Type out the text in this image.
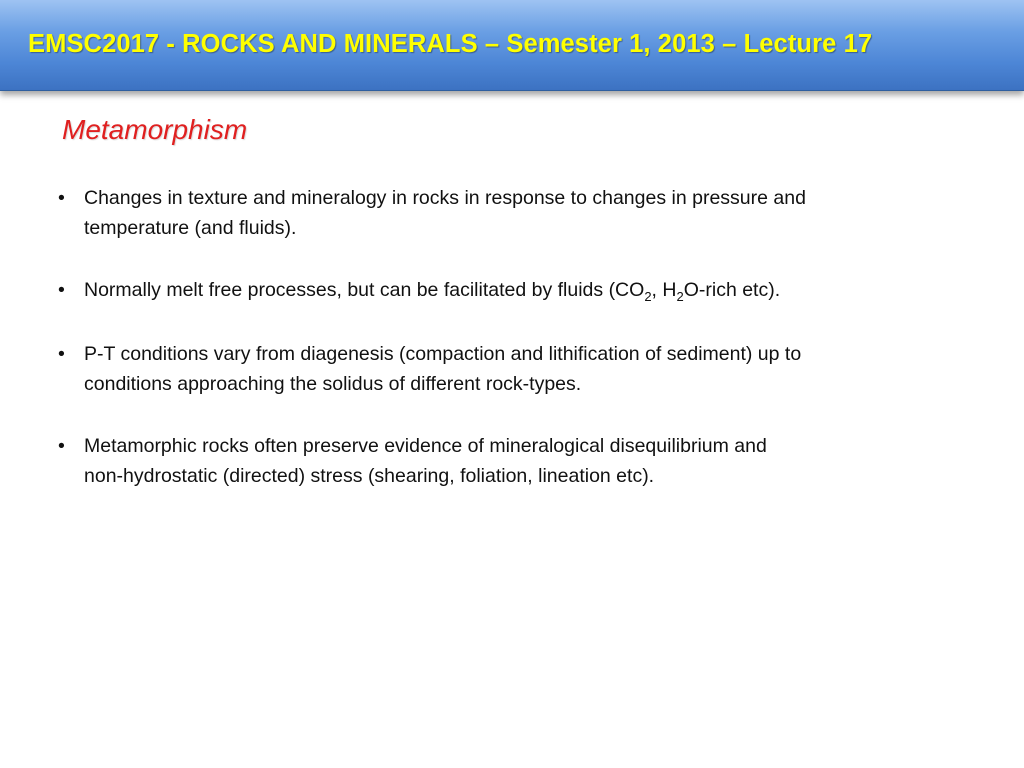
EMSC2017 - ROCKS AND MINERALS – Semester 1, 2013 – Lecture 17
Metamorphism
• Changes in texture and mineralogy in rocks in response to changes in pressure and
temperature (and fluids).
• Normally melt free processes, but can be facilitated by fluids ($CO_2$, $H_2O$-rich etc).
• P-T conditions vary from diagenesis (compaction and lithification of sediment) up to
conditions approaching the solidus of different rock-types.
• Metamorphic rocks often preserve evidence of mineralogical disequilibrium and
non-hydrostatic (directed) stress (shearing, foliation, lineation etc).
